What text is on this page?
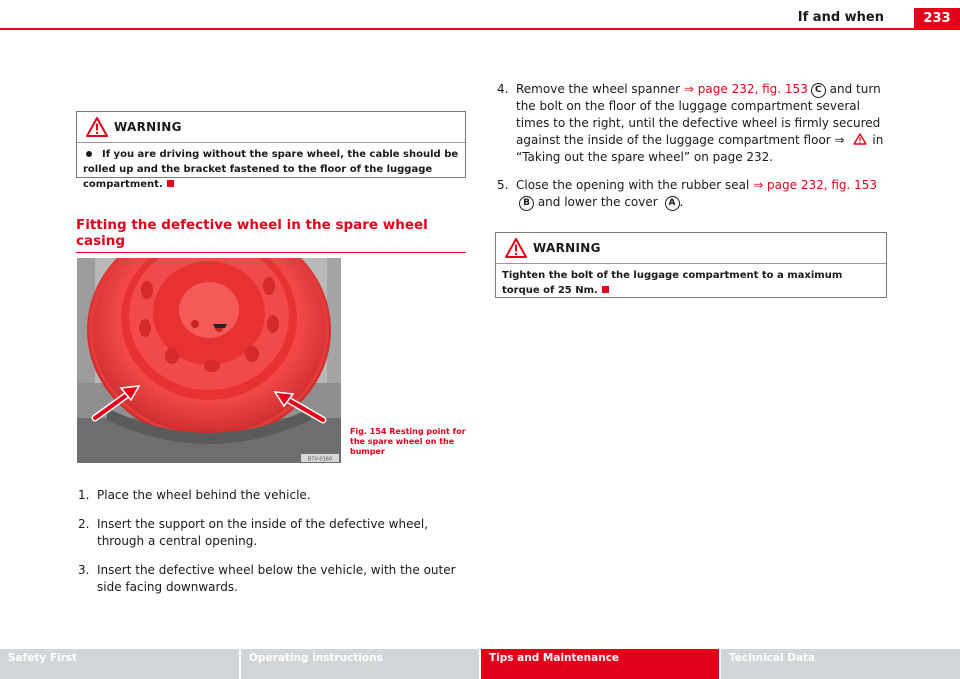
If and when	233
WARNING
If you are driving without the spare wheel, the cable should be rolled up and the bracket fastened to the floor of the luggage compartment.
Fitting the defective wheel in the spare wheel casing
B7V-0160
Fig. 154 Resting point for the spare wheel on the bumper
1. Place the wheel behind the vehicle.
2. Insert the support on the inside of the defective wheel, through a central opening.
3. Insert the defective wheel below the vehicle, with the outer side facing downwards.
4. Remove the wheel spanner ⇒ page 232, fig. 153 C and turn the bolt on the floor of the luggage compartment several times to the right, until the defective wheel is firmly secured against the inside of the luggage compartment floor ⇒ in “Taking out the spare wheel” on page 232.
5. Close the opening with the rubber seal ⇒ page 232, fig. 153B and lower the cover A .
WARNING
Tighten the bolt of the luggage compartment to a maximum torque of 25 Nm.
Safety First	Operating instructions	Tips and Maintenance	Technical Data
